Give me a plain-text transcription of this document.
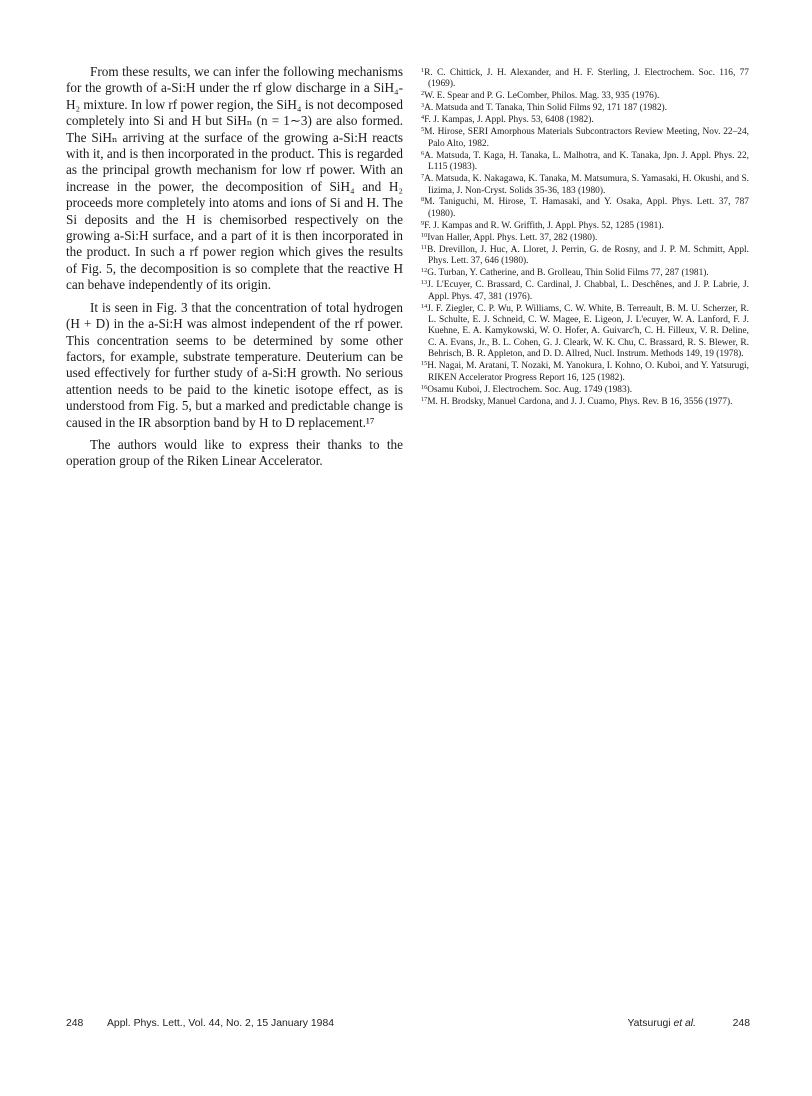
From these results, we can infer the following mechanisms for the growth of a-Si:H under the rf glow discharge in a SiH₄-H₂ mixture. In low rf power region, the SiH₄ is not decomposed completely into Si and H but SiHₙ (n = 1∼3) are also formed. The SiHₙ arriving at the surface of the growing a-Si:H reacts with it, and is then incorporated in the product. This is regarded as the principal growth mechanism for low rf power. With an increase in the power, the decomposition of SiH₄ and H₂ proceeds more completely into atoms and ions of Si and H. The Si deposits and the H is chemisorbed respectively on the growing a-Si:H surface, and a part of it is then incorporated in the product. In such a rf power region which gives the results of Fig. 5, the decomposition is so complete that the reactive H can behave independently of its origin.

It is seen in Fig. 3 that the concentration of total hydrogen (H + D) in the a-Si:H was almost independent of the rf power. This concentration seems to be determined by some other factors, for example, substrate temperature. Deuterium can be used effectively for further study of a-Si:H growth. No serious attention needs to be paid to the kinetic isotope effect, as is understood from Fig. 5, but a marked and predictable change is caused in the IR absorption band by H to D replacement.¹⁷

The authors would like to express their thanks to the operation group of the Riken Linear Accelerator.

$^1$R. C. Chittick, J. H. Alexander, and H. F. Sterling, J. Electrochem. Soc. 116, 77 (1969).
$^2$W. E. Spear and P. G. LeComber, Philos. Mag. 33, 935 (1976).
$^3$A. Matsuda and T. Tanaka, Thin Solid Films 92, 171 187 (1982).
$^4$F. J. Kampas, J. Appl. Phys. 53, 6408 (1982).
$^5$M. Hirose, SERI Amorphous Materials Subcontractors Review Meeting, Nov. 22–24, Palo Alto, 1982.
$^6$A. Matsuda, T. Kaga, H. Tanaka, L. Malhotra, and K. Tanaka, Jpn. J. Appl. Phys. 22, L115 (1983).
$^7$A. Matsuda, K. Nakagawa, K. Tanaka, M. Matsumura, S. Yamasaki, H. Okushi, and S. Iizima, J. Non-Cryst. Solids 35-36, 183 (1980).
$^8$M. Taniguchi, M. Hirose, T. Hamasaki, and Y. Osaka, Appl. Phys. Lett. 37, 787 (1980).
$^9$F. J. Kampas and R. W. Griffith, J. Appl. Phys. 52, 1285 (1981).
$^{10}$Ivan Haller, Appl. Phys. Lett. 37, 282 (1980).
$^{11}$B. Drevillon, J. Huc, A. Lloret, J. Perrin, G. de Rosny, and J. P. M. Schmitt, Appl. Phys. Lett. 37, 646 (1980).
$^{12}$G. Turban, Y. Catherine, and B. Grolleau, Thin Solid Films 77, 287 (1981).
$^{13}$J. L'Ecuyer, C. Brassard, C. Cardinal, J. Chabbal, L. Deschênes, and J. P. Labrie, J. Appl. Phys. 47, 381 (1976).
$^{14}$J. F. Ziegler, C. P. Wu, P. Williams, C. W. White, B. Terreault, B. M. U. Scherzer, R. L. Schulte, E. J. Schneid, C. W. Magee, E. Ligeon, J. L'ecuyer, W. A. Lanford, F. J. Kuehne, E. A. Kamykowski, W. O. Hofer, A. Guivarc'h, C. H. Filleux, V. R. Deline, C. A. Evans, Jr., B. L. Cohen, G. J. Cleark, W. K. Chu, C. Brassard, R. S. Blewer, R. Behrisch, B. R. Appleton, and D. D. Allred, Nucl. Instrum. Methods 149, 19 (1978).
$^{15}$H. Nagai, M. Aratani, T. Nozaki, M. Yanokura, I. Kohno, O. Kuboi, and Y. Yatsurugi, RIKEN Accelerator Progress Report 16, 125 (1982).
$^{16}$Osamu Kuboi, J. Electrochem. Soc. Aug. 1749 (1983).
$^{17}$M. H. Brodsky, Manuel Cardona, and J. J. Cuamo, Phys. Rev. B 16, 3556 (1977).
248 Appl. Phys. Lett., Vol. 44, No. 2, 15 January 1984	Yatsurugi et al.	248
